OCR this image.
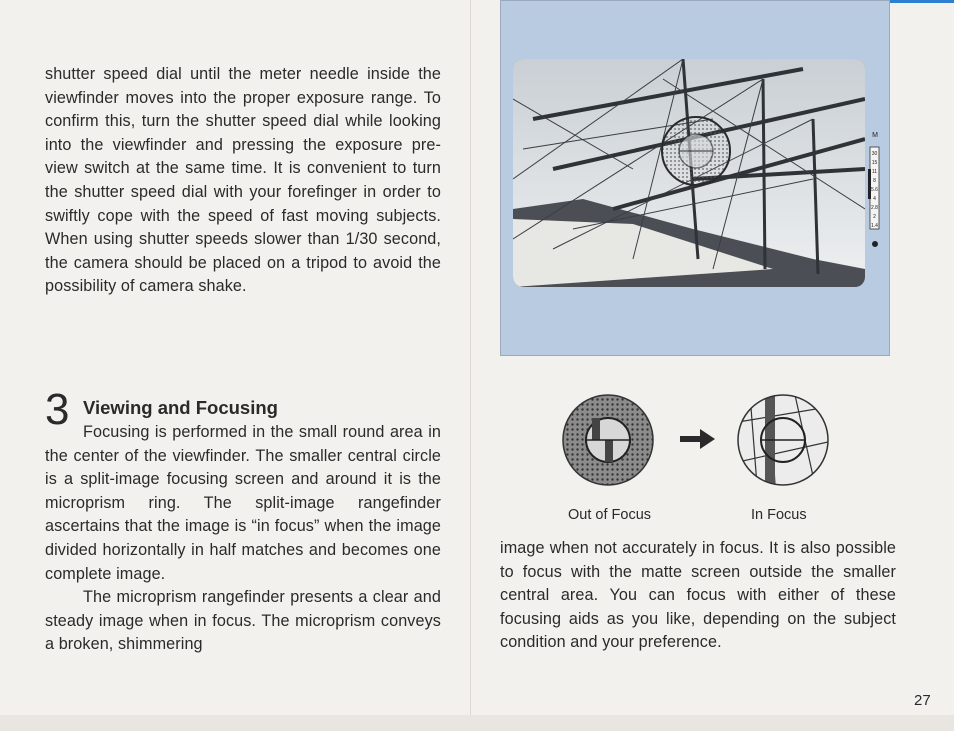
shutter speed dial until the meter needle inside the viewfinder moves into the proper exposure range. To confirm this, turn the shutter speed dial while looking into the viewfinder and pressing the exposure pre-view switch at the same time. It is convenient to turn the shutter speed dial with your forefinger in order to swiftly cope with the speed of fast moving subjects. When using shutter speeds slower than 1/30 second, the camera should be placed on a tripod to avoid the possibility of camera shake.

3 Viewing and Focusing

Focusing is performed in the small round area in the center of the viewfinder. The smaller central circle is a split-image focusing screen and around it is the microprism ring. The split-image rangefinder ascertains that the image is “in focus” when the image divided horizontally in half matches and becomes one complete image.

The microprism rangefinder presents a clear and steady image when in focus. The microprism conveys a broken, shimmering

M
30
15
11
8
5.6
4
2.8
2
1.4
Out of Focus	In Focus

image when not accurately in focus. It is also possible to focus with the matte screen outside the smaller central area. You can focus with either of these focusing aids as you like, depending on the subject condition and your preference.

27
